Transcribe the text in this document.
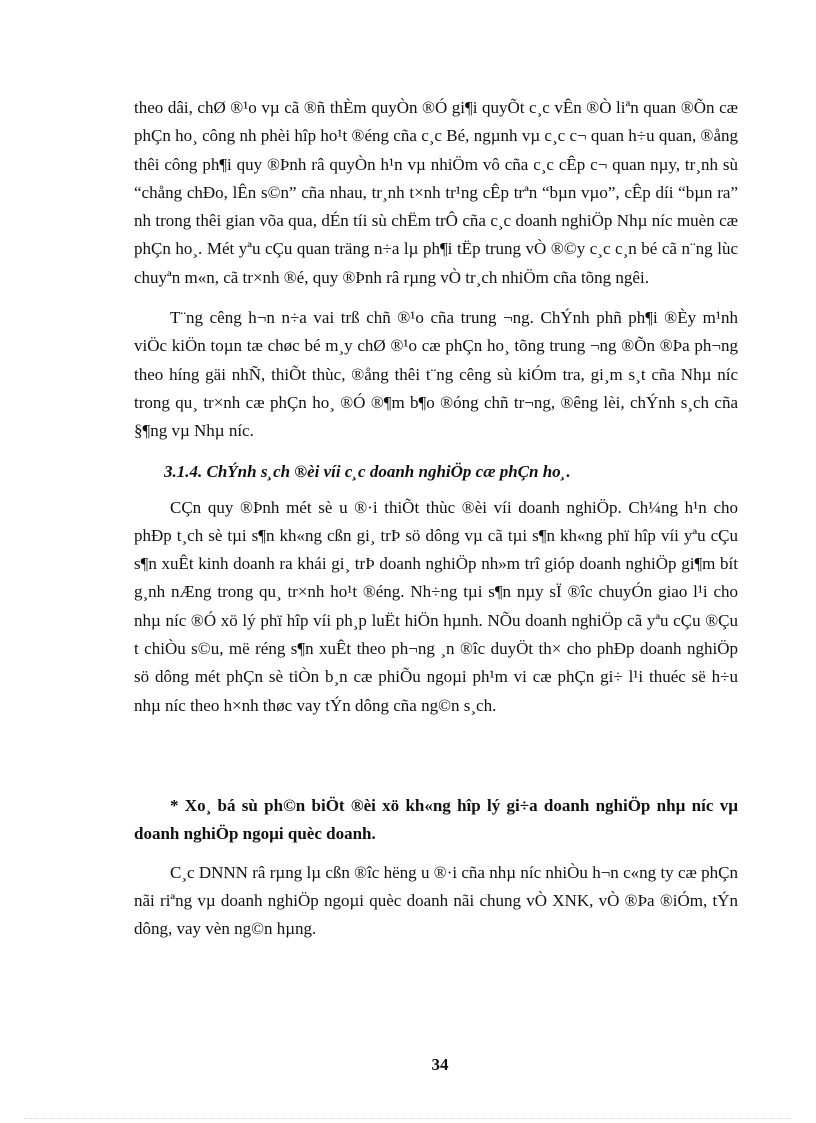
theo dâi, chØ ®¹o vµ cã ®ñ thÈm quyÒn ®Ó gi¶i quyÕt c¸c vÊn ®Ò liªn quan ®Õn cæ phÇn ho¸ công nh phèi hîp ho¹t ®éng cña c¸c Bé, ngµnh vµ c¸c c¬ quan h÷u quan, ®ång thêi công ph¶i quy ®Þnh râ quyÒn h¹n vµ nhiÖm vô cña c¸c cÊp c¬ quan nµy, tr¸nh sù “chång chÐo, lÊn s©n” cña nhau, tr¸nh t×nh tr¹ng cÊp trªn “bµn vµo”, cÊp díi “bµn ra” nh trong thêi gian võa qua, dÉn tíi sù chËm trÔ cña c¸c doanh nghiÖp Nhµ níc muèn cæ phÇn ho¸. Mét yªu cÇu quan träng n÷a lµ ph¶i tËp trung vÒ ®©y c¸c c¸n bé cã n¨ng lùc chuyªn m«n, cã tr×nh ®é, quy ®Þnh râ rµng vÒ tr¸ch nhiÖm cña tõng ngêi.

T¨ng cêng h¬n n÷a vai trß chñ ®¹o cña trung ¬ng. ChÝnh phñ ph¶i ®Èy m¹nh viÖc kiÖn toµn tæ chøc bé m¸y chØ ®¹o cæ phÇn ho¸ tõng trung ¬ng ®Õn ®Þa ph¬ng theo híng gäi nhÑ, thiÕt thùc, ®ång thêi t¨ng cêng sù kiÓm tra, gi¸m s¸t cña Nhµ níc trong qu¸ tr×nh cæ phÇn ho¸ ®Ó ®¶m b¶o ®óng chñ tr¬ng, ®êng lèi, chÝnh s¸ch cña §¶ng vµ Nhµ níc.

3.1.4. ChÝnh s¸ch ®èi víi c¸c doanh nghiÖp cæ phÇn ho¸.

CÇn quy ®Þnh mét sè u ®·i thiÕt thùc ®èi víi doanh nghiÖp. Ch¼ng h¹n cho phÐp t¸ch sè tµi s¶n kh«ng cßn gi¸ trÞ sö dông vµ cã tµi s¶n kh«ng phï hîp víi yªu cÇu s¶n xuÊt kinh doanh ra khái gi¸ trÞ doanh nghiÖp nh»m trî gióp doanh nghiÖp gi¶m bít g¸nh nÆng trong qu¸ tr×nh ho¹t ®éng. Nh÷ng tµi s¶n nµy sÏ ®îc chuyÓn giao l¹i cho nhµ níc ®Ó xö lý phï hîp víi ph¸p luËt hiÖn hµnh. NÕu doanh nghiÖp cã yªu cÇu ®Çu t chiÒu s©u, më réng s¶n xuÊt theo ph¬ng ¸n ®îc duyÖt th× cho phÐp doanh nghiÖp sö dông mét phÇn sè tiÒn b¸n cæ phiÕu ngoµi ph¹m vi cæ phÇn gi÷ l¹i thuéc së h÷u nhµ níc theo h×nh thøc vay tÝn dông cña ng©n s¸ch.

* Xo¸ bá sù ph©n biÖt ®èi xö kh«ng hîp lý gi÷a doanh nghiÖp nhµ níc vµ doanh nghiÖp ngoµi quèc doanh.

C¸c DNNN râ rµng lµ cßn ®îc hëng u ®·i cña nhµ níc nhiÒu h¬n c«ng ty cæ phÇn nãi riªng vµ doanh nghiÖp ngoµi quèc doanh nãi chung vÒ XNK, vÒ ®Þa ®iÓm, tÝn dông, vay vèn ng©n hµng.

34
